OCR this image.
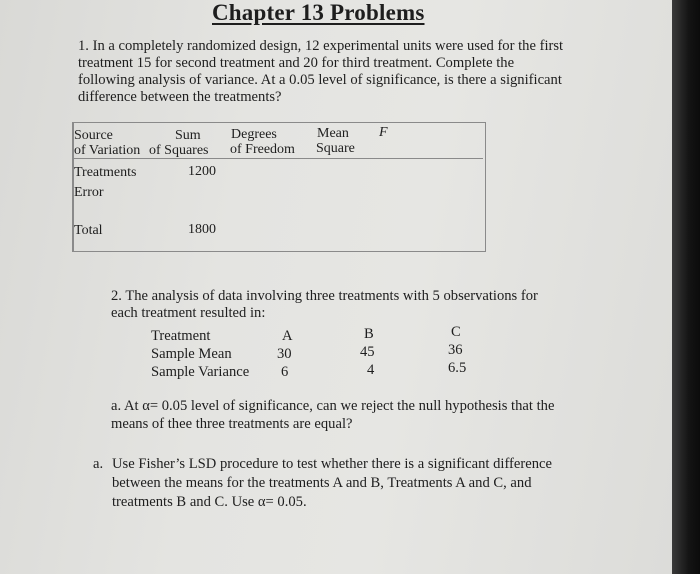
Chapter 13 Problems
1. In a completely randomized design, 12 experimental units were used for the first
treatment 15 for second treatment and 20 for third treatment. Complete the
following analysis of variance. At a 0.05 level of significance, is there a significant
difference between the treatments?
Source
of Variation
Sum
of Squares
Degrees
of Freedom
Mean
Square
F
Treatments	1200
Error
Total	1800
2. The analysis of data involving three treatments with 5 observations for
each treatment resulted in:
Treatment
Sample Mean
Sample Variance
A
30
6
B
45
4
C
36
6.5
a. At α= 0.05 level of significance, can we reject the null hypothesis that the
means of thee three treatments are equal?
a. Use Fisher’s LSD procedure to test whether there is a significant difference
between the means for the treatments A and B, Treatments A and C, and
treatments B and C. Use α= 0.05.
